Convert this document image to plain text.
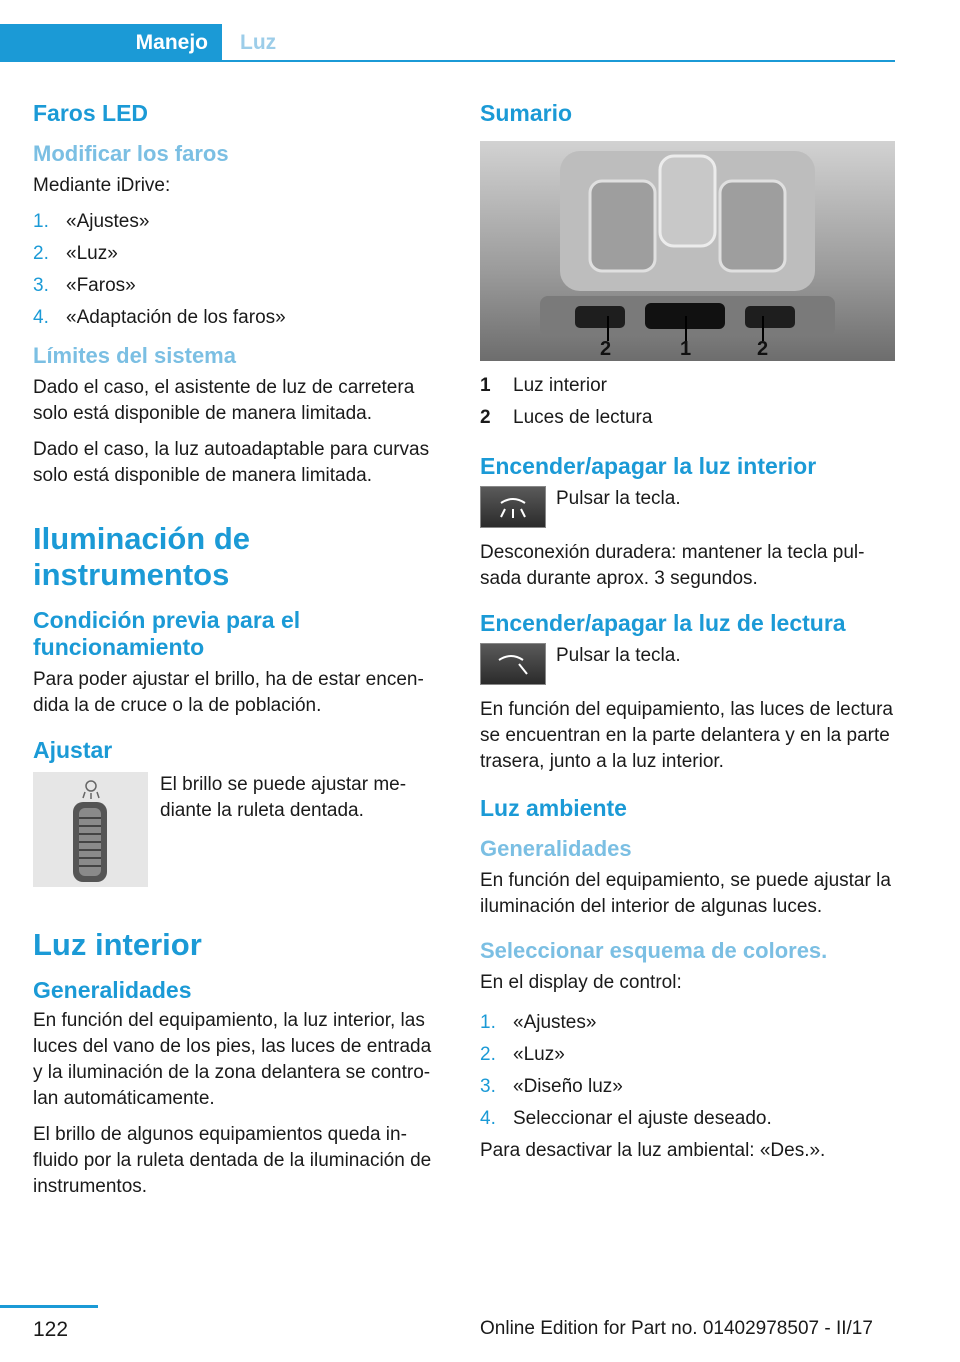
Manejo	Luz
Faros LED
Modificar los faros

Mediante iDrive:

1. «Ajustes»
2. «Luz»
3. «Faros»
4. «Adaptación de los faros»
Límites del sistema

Dado el caso, el asistente de luz de carretera solo está disponible de manera limitada.

Dado el caso, la luz autoadaptable para curvas solo está disponible de manera limitada.

Iluminación de instrumentos
Condición previa para el funcionamiento

Para poder ajustar el brillo, ha de estar encendida la de cruce o la de población.

Ajustar
El brillo se puede ajustar mediante la ruleta dentada.
Luz interior
Generalidades

En función del equipamiento, la luz interior, las luces del vano de los pies, las luces de entrada y la iluminación de la zona delantera se controlan automáticamente.

El brillo de algunos equipamientos queda influido por la ruleta dentada de la iluminación de instrumentos.

Sumario
2	1	2
1	Luz interior
2	Luces de lectura
Encender/apagar la luz interior
Pulsar la tecla.

Desconexión duradera: mantener la tecla pulsada durante aprox. 3 segundos.

Encender/apagar la luz de lectura
Pulsar la tecla.

En función del equipamiento, las luces de lectura se encuentran en la parte delantera y en la parte trasera, junto a la luz interior.

Luz ambiente
Generalidades

En función del equipamiento, se puede ajustar la iluminación del interior de algunas luces.

Seleccionar esquema de colores.

En el display de control:

1. «Ajustes»
2. «Luz»
3. «Diseño luz»
4. Seleccionar el ajuste deseado.

Para desactivar la luz ambiental: «Des.».

122	Online Edition for Part no. 01402978507 - II/17
